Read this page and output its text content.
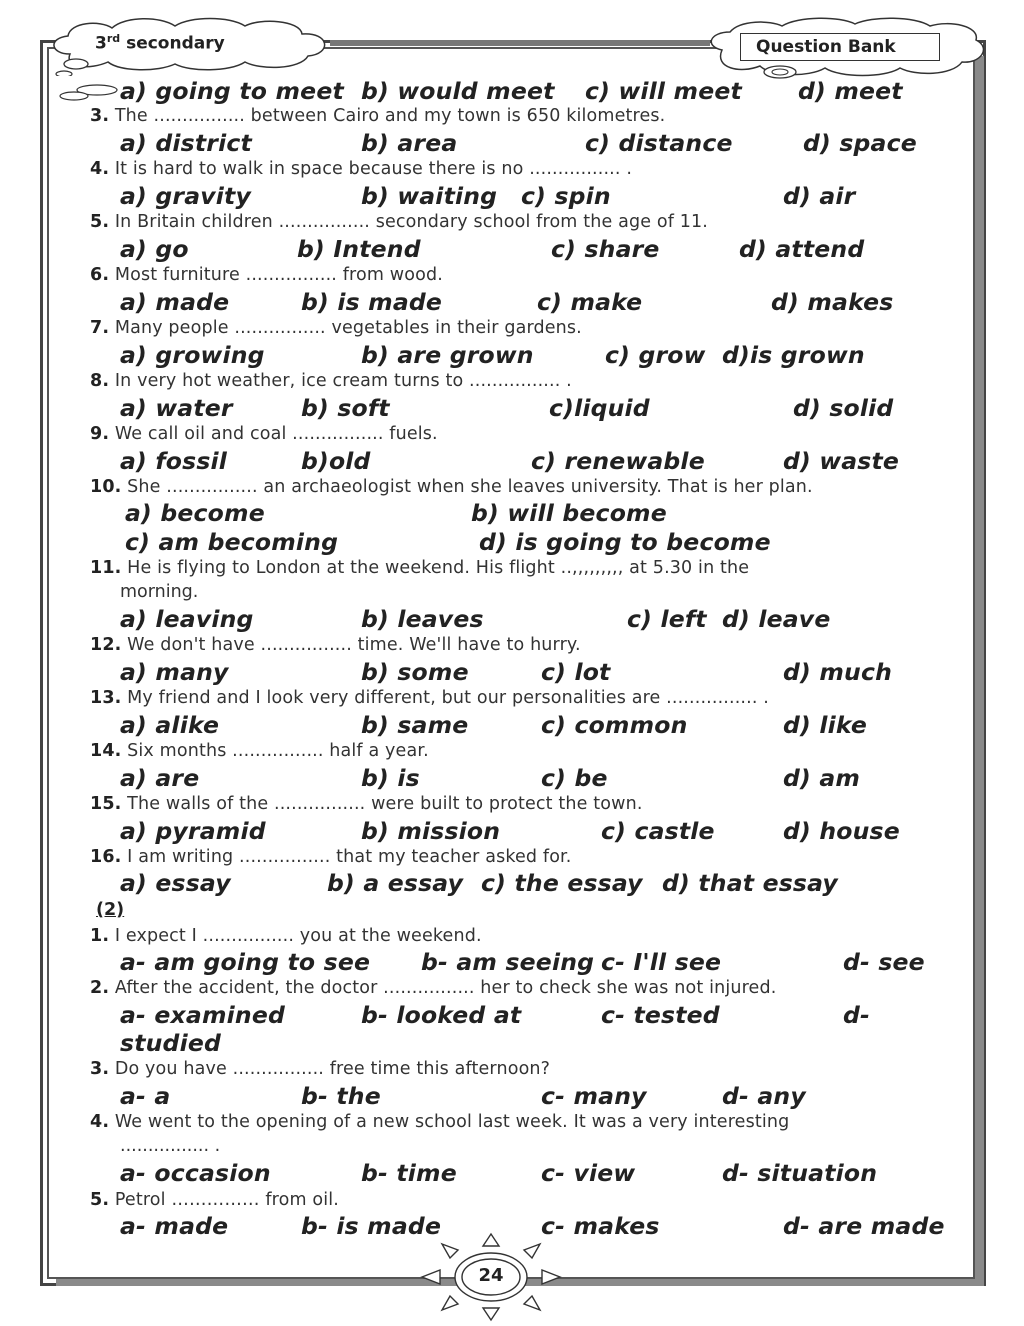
3rd secondary	Question Bank
a) going to meet b) would meet c) will meet d) meet
3. The ................ between Cairo and my town is 650 kilometres.
a) district	b) area	c) distance	d) space
4. It is hard to walk in space because there is no ................ .
a) gravity	b) waiting c) spin	d) air
5. In Britain children ................ secondary school from the age of 11.
a) go	b) Intend	c) share	d) attend
6. Most furniture ................ from wood.
a) made	b) is made	c) make	d) makes
7. Many people ................ vegetables in their gardens.
a) growing	b) are grown	c) grow d)is grown
8. In very hot weather, ice cream turns to ................ .
a) water	b) soft	c)liquid	d) solid
9. We call oil and coal ................ fuels.
a) fossil	b)old	c) renewable	d) waste
10. She ................ an archaeologist when she leaves university. That is her plan.
a) become	b) will become
c) am becoming	d) is going to become
11. He is flying to London at the weekend. His flight ..,,,,,,,,, at 5.30 in the
morning.
a) leaving	b) leaves	c) left d) leave
12. We don't have ................ time. We'll have to hurry.
a) many	b) some	c) lot	d) much
13. My friend and I look very different, but our personalities are ................ .
a) alike	b) same	c) common	d) like
14. Six months ................ half a year.
a) are	b) is	c) be	d) am
15. The walls of the ................ were built to protect the town.
a) pyramid	b) mission	c) castle	d) house
16. I am writing ................ that my teacher asked for.
a) essay	b) a essay c) the essay d) that essay
(2)
1. I expect I ................ you at the weekend.
a- am going to see b- am seeing c- I'll see	d- see
2. After the accident, the doctor ................ her to check she was not injured.
a- examined	b- looked at	c- tested	d-
studied
3. Do you have ................ free time this afternoon?
a- a	b- the	c- many	d- any
4. We went to the opening of a new school last week. It was a very interesting
................ .
a- occasion	b- time	c- view	d- situation
5. Petrol …………… from oil.
a- made	b- is made	c- makes	d- are made
24
